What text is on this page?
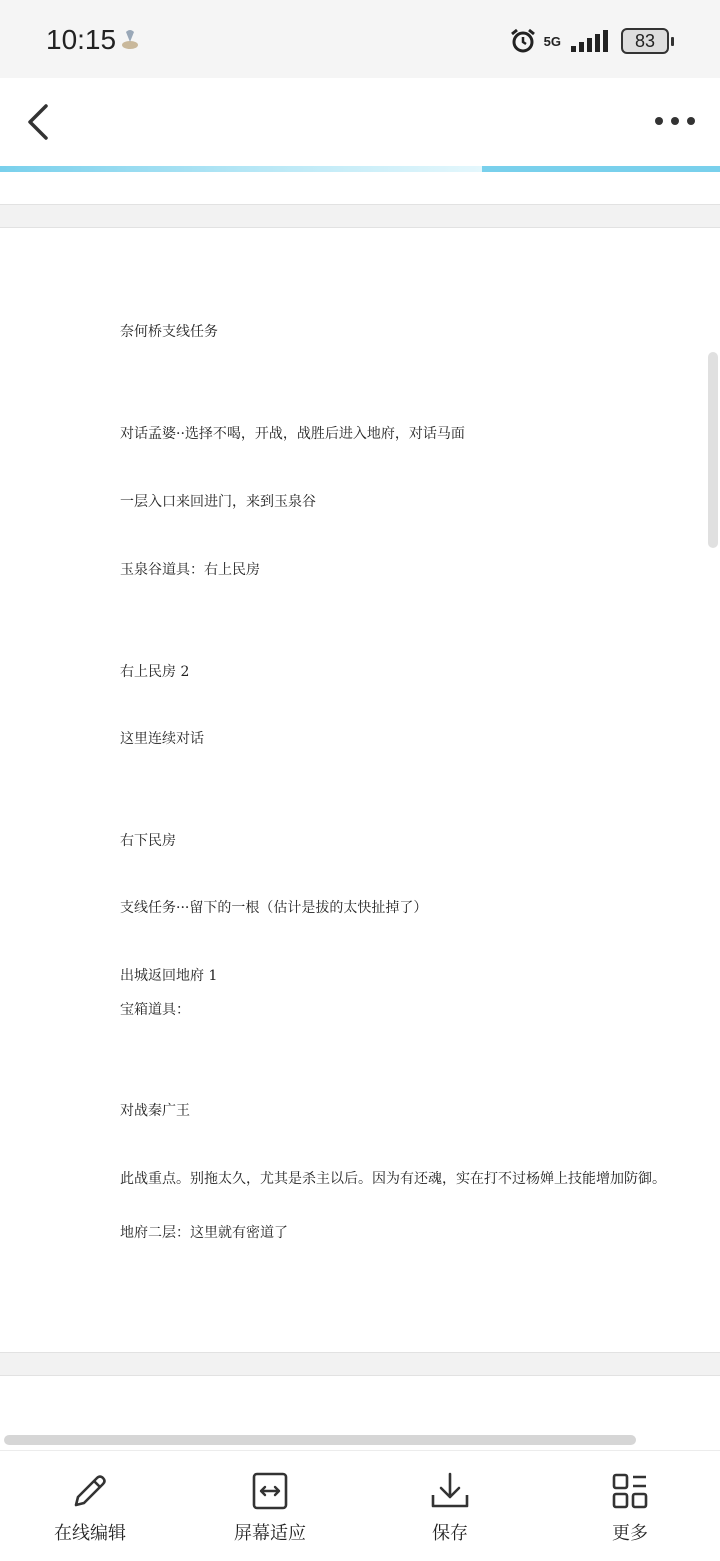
10:15	5G	83
奈何桥支线任务
对话孟婆··选择不喝，开战，战胜后进入地府，对话马面
一层入口来回进门，来到玉泉谷
玉泉谷道具：右上民房
右上民房 2
这里连续对话
右下民房
支线任务···留下的一根（估计是拔的太快扯掉了）
出城返回地府 1
宝箱道具：
对战秦广王
此战重点。别拖太久，尤其是杀主以后。因为有还魂，实在打不过杨婵上技能增加防御。
地府二层：这里就有密道了
在线编辑	屏幕适应	保存	更多
